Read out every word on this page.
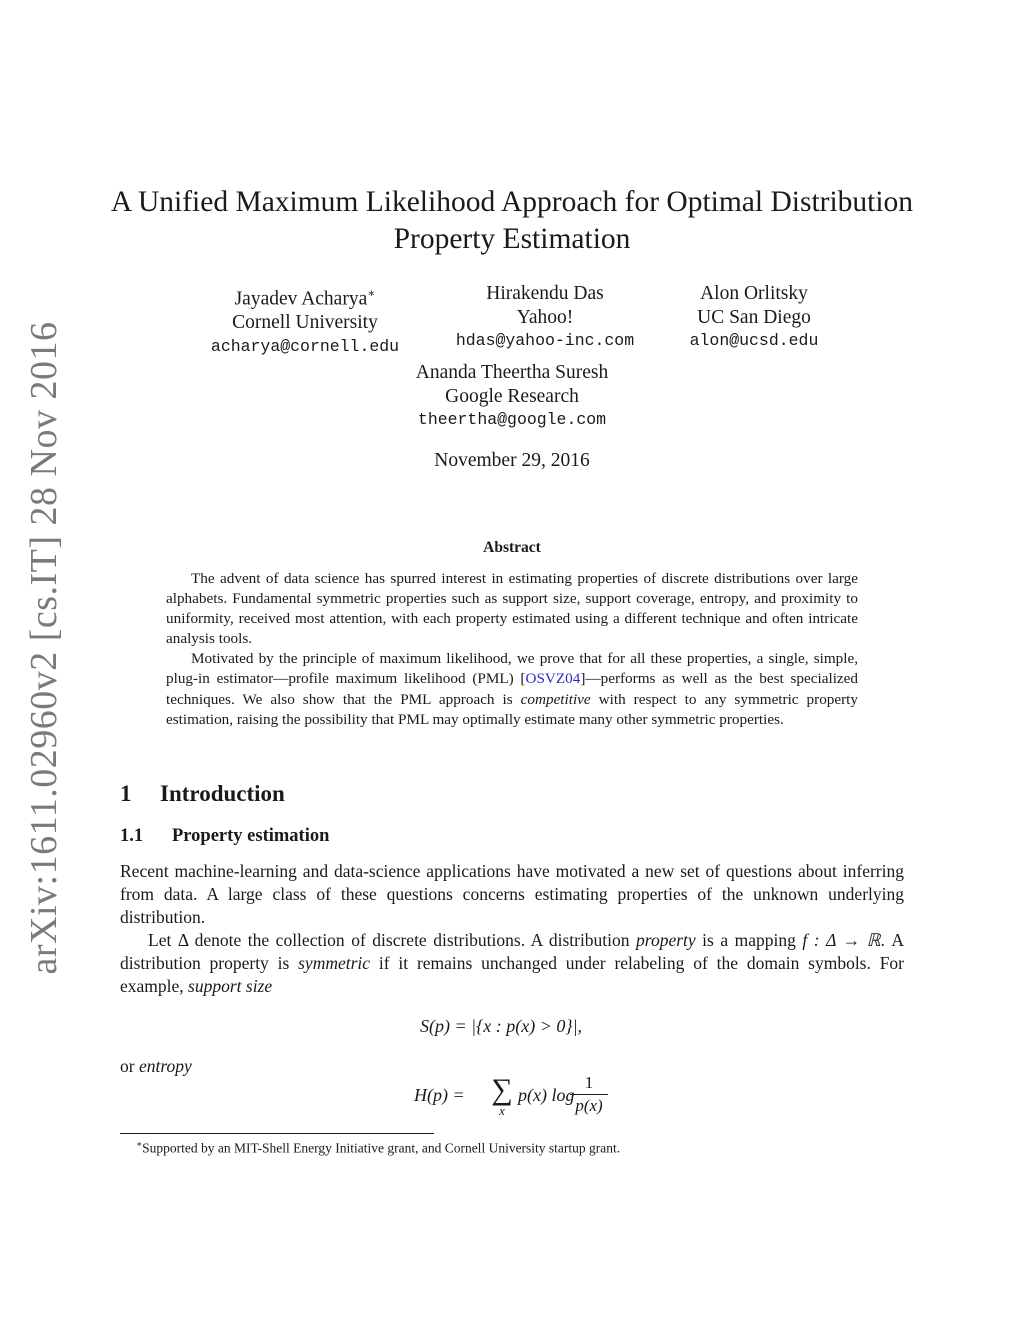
arXiv:1611.02960v2 [cs.IT] 28 Nov 2016
A Unified Maximum Likelihood Approach for Optimal Distribution
Property Estimation
Jayadev Acharya∗
Cornell University
acharya@cornell.edu
Hirakendu Das
Yahoo!
hdas@yahoo-inc.com
Alon Orlitsky
UC San Diego
alon@ucsd.edu
Ananda Theertha Suresh
Google Research
theertha@google.com
November 29, 2016
Abstract

The advent of data science has spurred interest in estimating properties of discrete distributions over large alphabets. Fundamental symmetric properties such as support size, support coverage, entropy, and proximity to uniformity, received most attention, with each property estimated using a different technique and often intricate analysis tools.

Motivated by the principle of maximum likelihood, we prove that for all these properties, a single, simple, plug-in estimator—profile maximum likelihood (PML) [OSVZ04]—performs as well as the best specialized techniques. We also show that the PML approach is competitive with respect to any symmetric property estimation, raising the possibility that PML may optimally estimate many other symmetric properties.

1 Introduction
1.1 Property estimation

Recent machine-learning and data-science applications have motivated a new set of questions about inferring from data. A large class of these questions concerns estimating properties of the unknown underlying distribution.

Let Δ denote the collection of discrete distributions. A distribution property is a mapping f : Δ → ℝ. A distribution property is symmetric if it remains unchanged under relabeling of the domain symbols. For example, support size

S(p) = |{x : p(x) > 0}|,
or entropy
H(p) = ∑
x
p(x) log
1
p(x)
∗Supported by an MIT-Shell Energy Initiative grant, and Cornell University startup grant.
